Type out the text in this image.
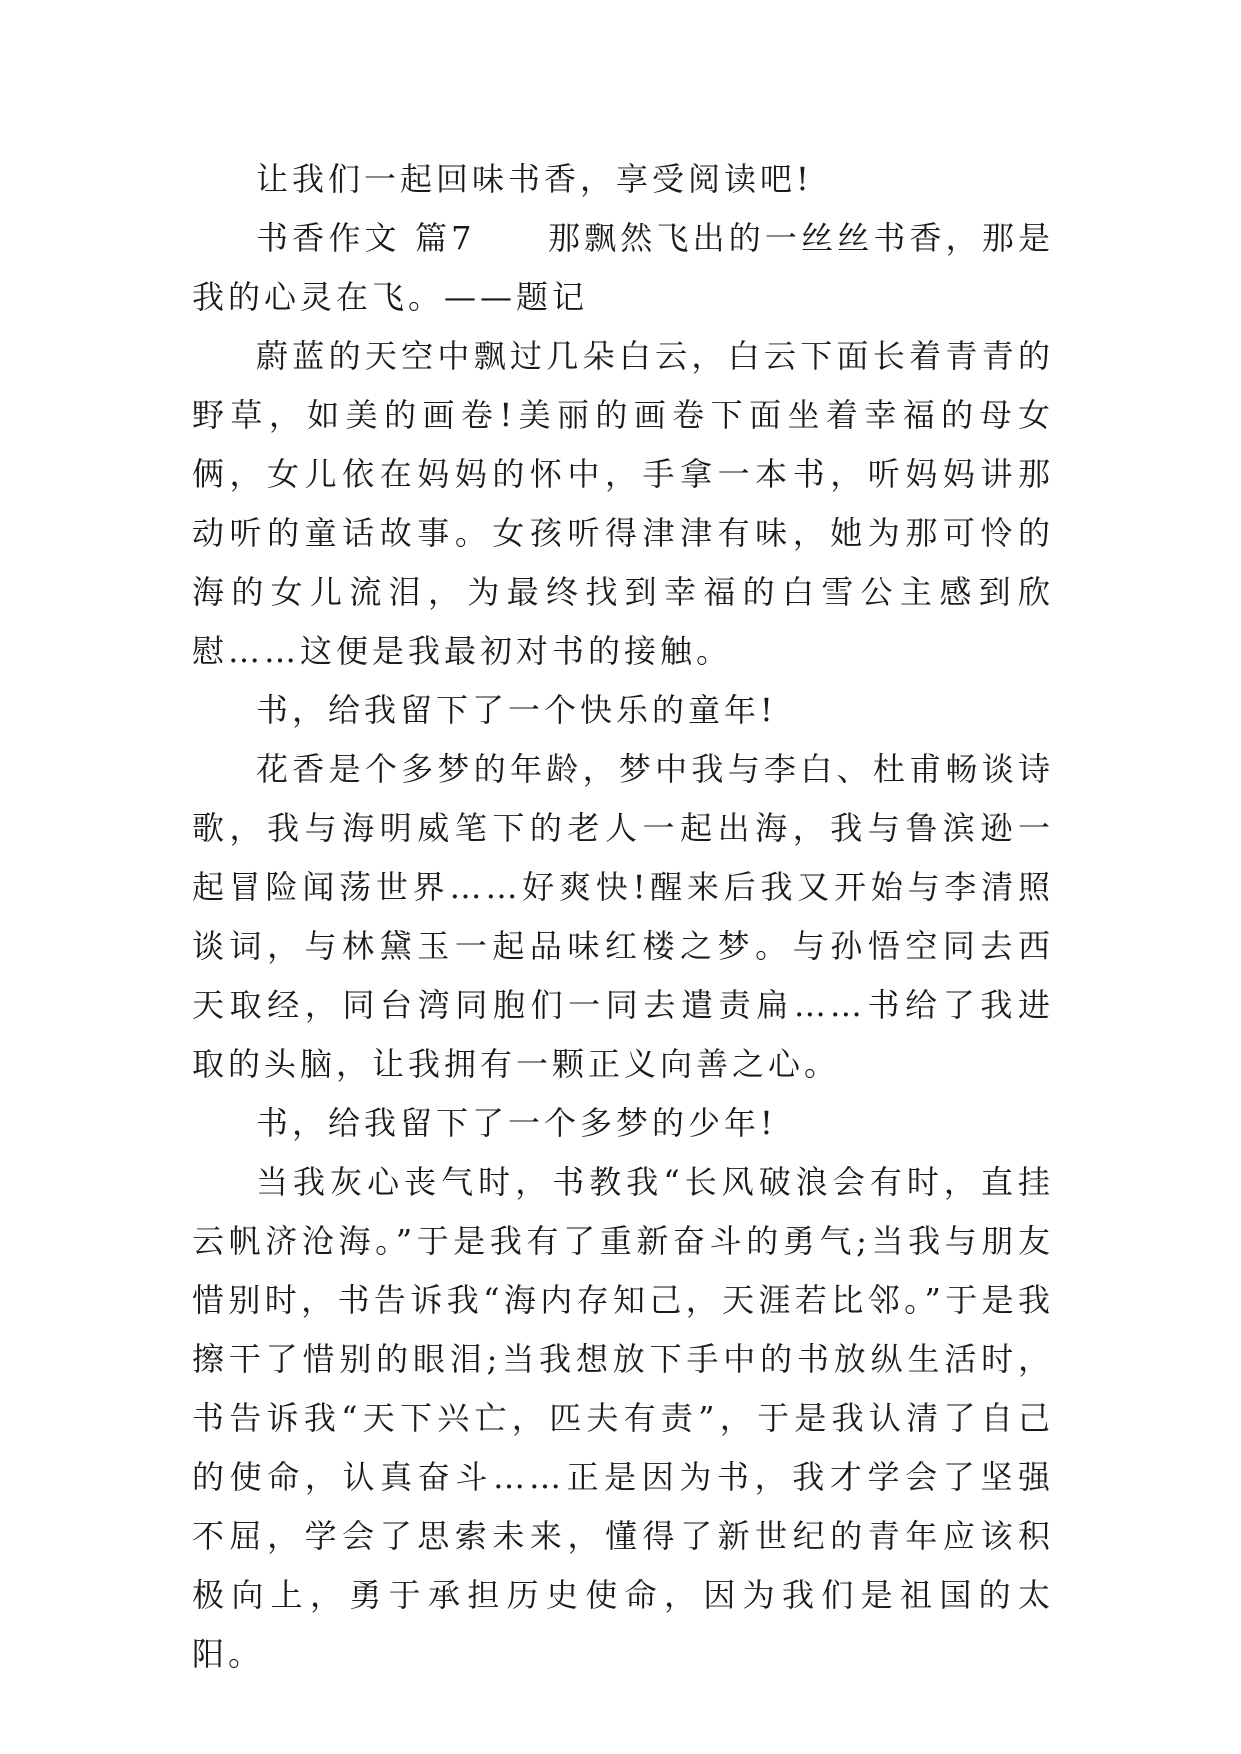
让我们一起回味书香，享受阅读吧!

书香作文 篇7　　那飘然飞出的一丝丝书香，那是我的心灵在飞。——题记

蔚蓝的天空中飘过几朵白云，白云下面长着青青的野草，如美的画卷!美丽的画卷下面坐着幸福的母女俩，女儿依在妈妈的怀中，手拿一本书，听妈妈讲那动听的童话故事。女孩听得津津有味，她为那可怜的海的女儿流泪，为最终找到幸福的白雪公主感到欣慰……这便是我最初对书的接触。

书，给我留下了一个快乐的童年!

花香是个多梦的年龄，梦中我与李白、杜甫畅谈诗歌，我与海明威笔下的老人一起出海，我与鲁滨逊一起冒险闻荡世界……好爽快!醒来后我又开始与李清照谈词，与林黛玉一起品味红楼之梦。与孙悟空同去西天取经，同台湾同胞们一同去遣责扁……书给了我进取的头脑，让我拥有一颗正义向善之心。

书，给我留下了一个多梦的少年!

当我灰心丧气时，书教我“长风破浪会有时，直挂云帆济沧海。”于是我有了重新奋斗的勇气;当我与朋友惜别时，书告诉我“海内存知己，天涯若比邻。”于是我擦干了惜别的眼泪;当我想放下手中的书放纵生活时，书告诉我“天下兴亡，匹夫有责”，于是我认清了自己的使命，认真奋斗……正是因为书，我才学会了坚强不屈，学会了思索未来，懂得了新世纪的青年应该积极向上，勇于承担历史使命，因为我们是祖国的太阳。
